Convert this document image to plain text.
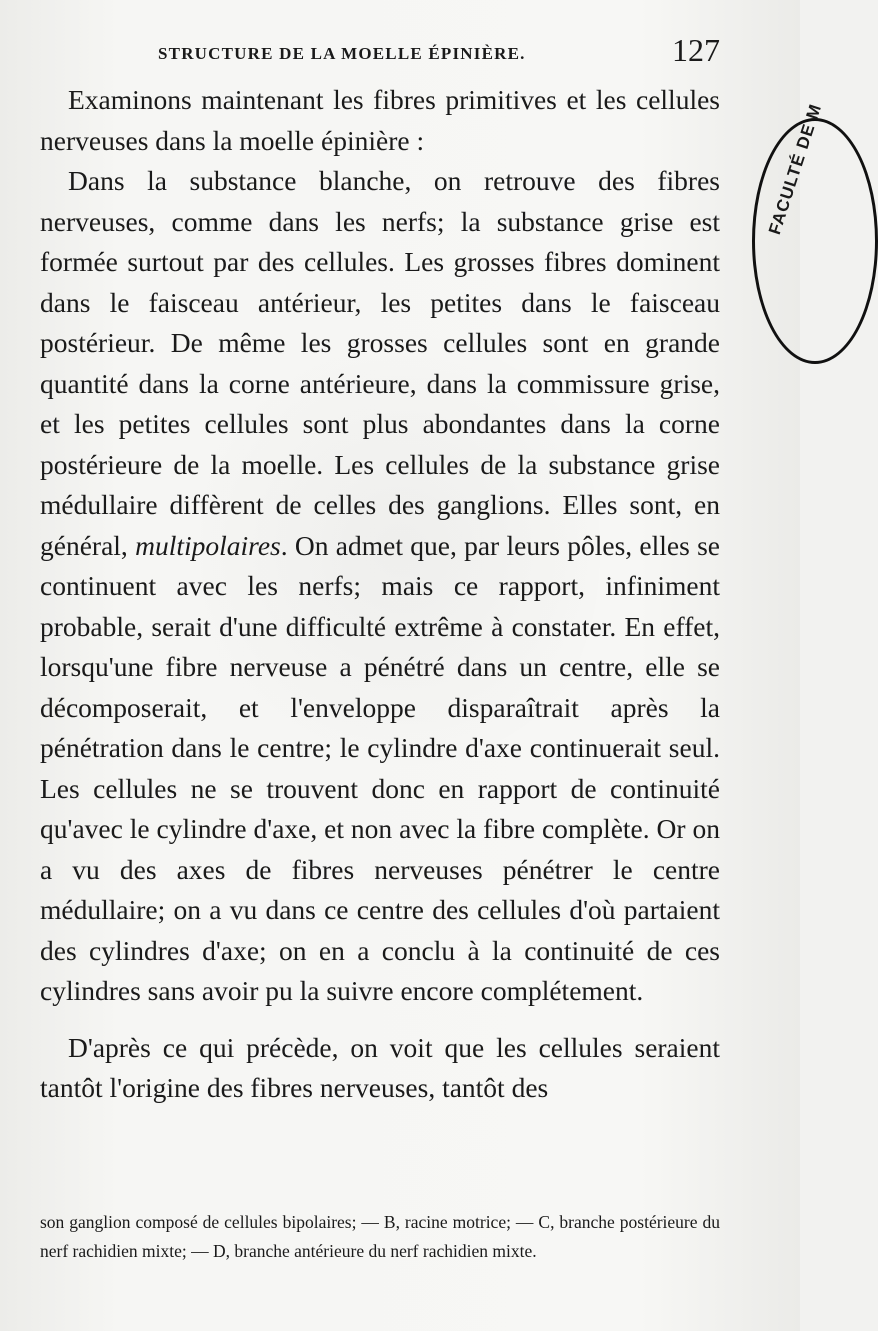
STRUCTURE DE LA MOELLE ÉPINIÈRE.	127

Examinons maintenant les fibres primitives et les cellules nerveuses dans la moelle épinière :

Dans la substance blanche, on retrouve des fibres nerveuses, comme dans les nerfs; la substance grise est formée surtout par des cellules. Les grosses fibres dominent dans le faisceau antérieur, les petites dans le faisceau postérieur. De même les grosses cellules sont en grande quantité dans la corne antérieure, dans la commissure grise, et les petites cellules sont plus abondantes dans la corne postérieure de la moelle. Les cellules de la substance grise médullaire diffèrent de celles des ganglions. Elles sont, en général, multipolaires. On admet que, par leurs pôles, elles se continuent avec les nerfs; mais ce rapport, infiniment probable, serait d'une difficulté extrême à constater. En effet, lorsqu'une fibre nerveuse a pénétré dans un centre, elle se décomposerait, et l'enveloppe disparaîtrait après la pénétration dans le centre; le cylindre d'axe continuerait seul. Les cellules ne se trouvent donc en rapport de continuité qu'avec le cylindre d'axe, et non avec la fibre complète. Or on a vu des axes de fibres nerveuses pénétrer le centre médullaire; on a vu dans ce centre des cellules d'où partaient des cylindres d'axe; on en a conclu à la continuité de ces cylindres sans avoir pu la suivre encore complétement.

D'après ce qui précède, on voit que les cellules seraient tantôt l'origine des fibres nerveuses, tantôt des

son ganglion composé de cellules bipolaires; — B, racine motrice; — C, branche postérieure du nerf rachidien mixte; — D, branche antérieure du nerf rachidien mixte.

FACULTÉ DE M
